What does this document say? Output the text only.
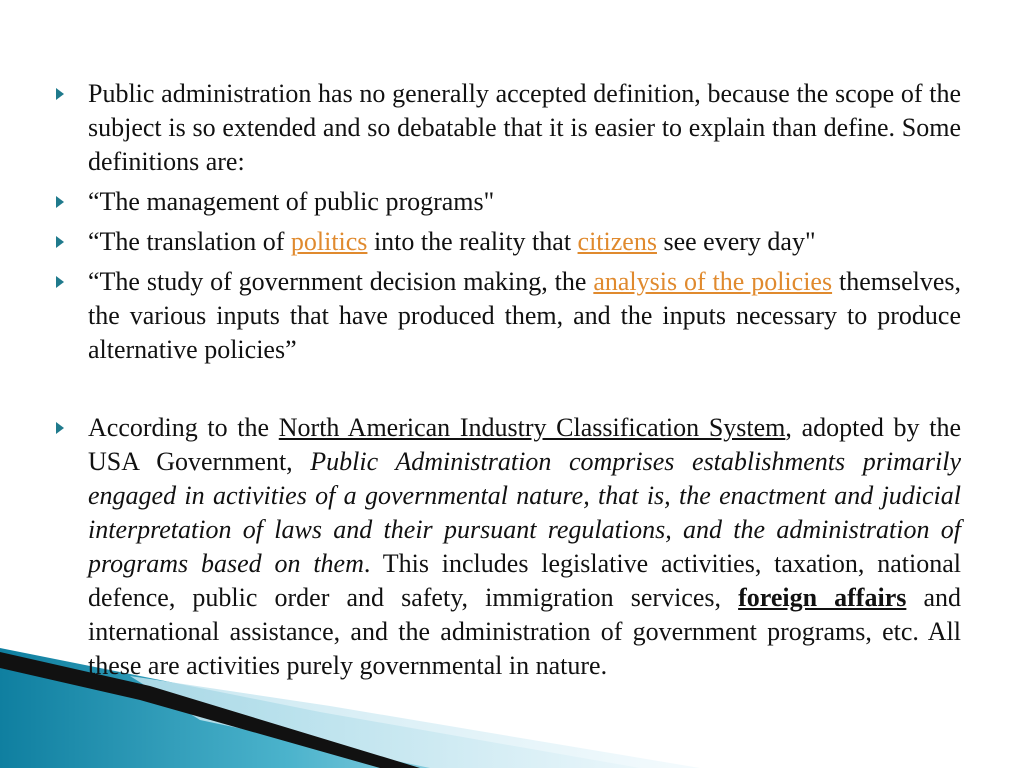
Public administration has no generally accepted definition, because the scope of the subject is so extended and so debatable that it is easier to explain than define. Some definitions are:
“The management of public programs"
“The translation of politics into the reality that citizens see every day"
“The study of government decision making, the analysis of the policies themselves, the various inputs that have produced them, and the inputs necessary to produce alternative policies”
According to the North American Industry Classification System, adopted by the USA Government, Public Administration comprises establishments primarily engaged in activities of a governmental nature, that is, the enactment and judicial interpretation of laws and their pursuant regulations, and the administration of programs based on them. This includes legislative activities, taxation, national defence, public order and safety, immigration services, foreign affairs and international assistance, and the administration of government programs, etc. All these are activities purely governmental in nature.
